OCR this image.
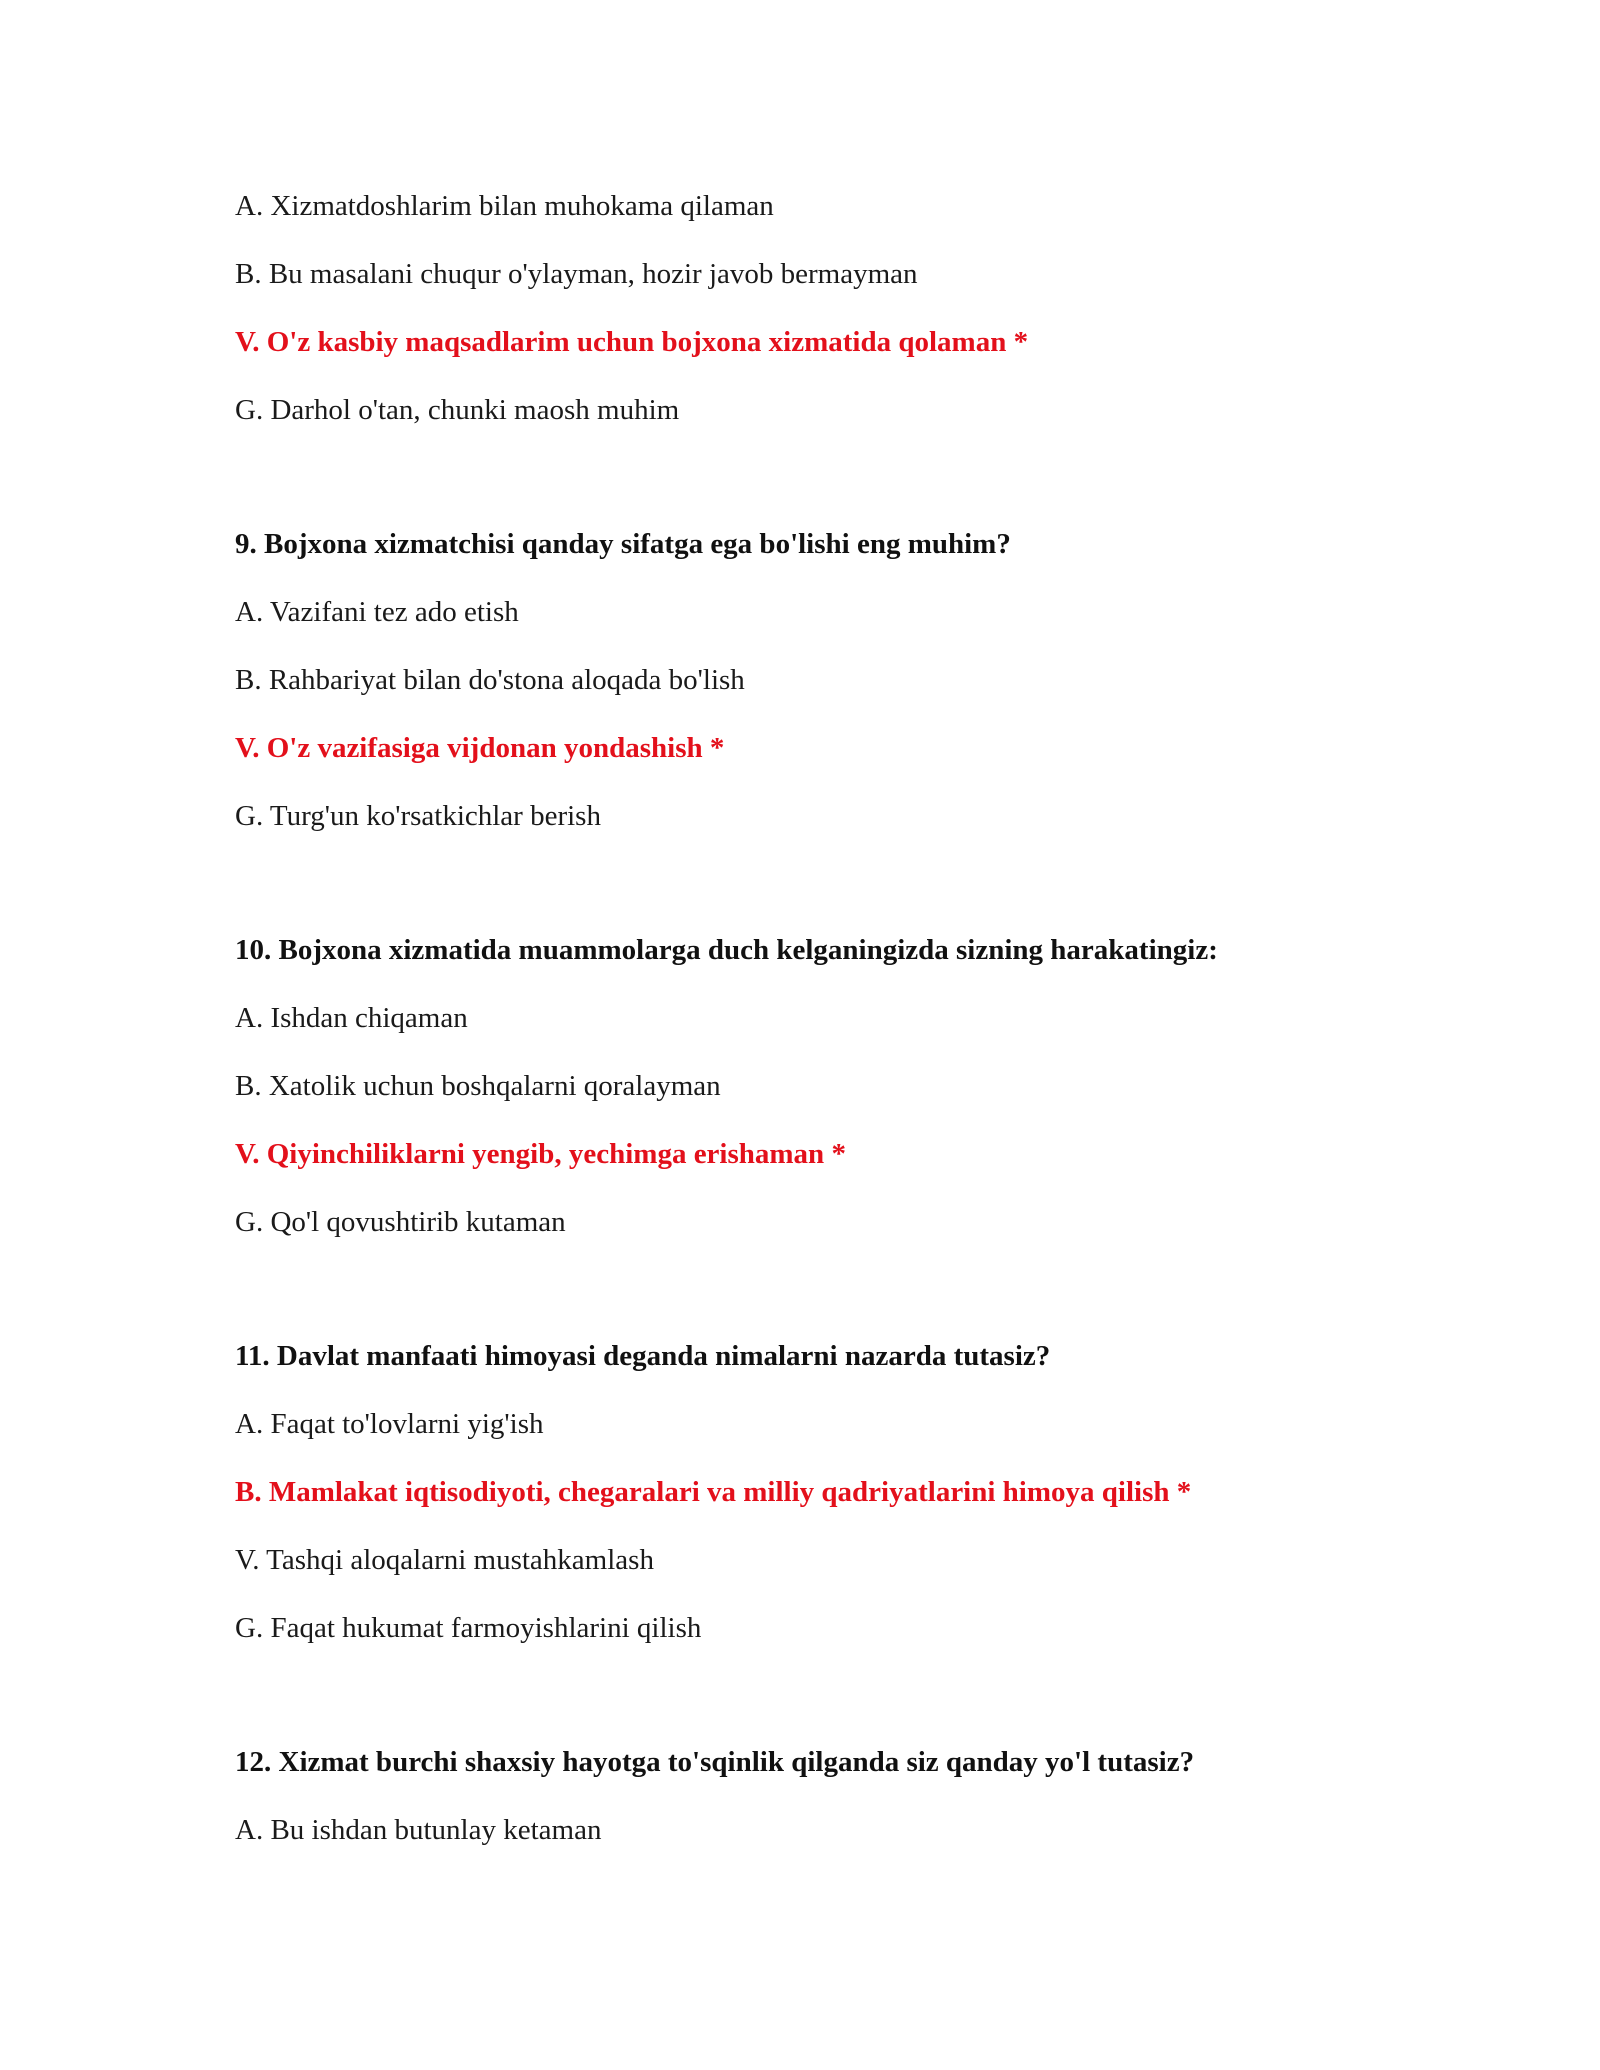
A. Xizmatdoshlarim bilan muhokama qilaman
B. Bu masalani chuqur o'ylayman, hozir javob bermayman
V. O'z kasbiy maqsadlarim uchun bojxona xizmatida qolaman *
G. Darhol o'tan, chunki maosh muhim
9. Bojxona xizmatchisi qanday sifatga ega bo'lishi eng muhim?
A. Vazifani tez ado etish
B. Rahbariyat bilan do'stona aloqada bo'lish
V. O'z vazifasiga vijdonan yondashish *
G. Turg'un ko'rsatkichlar berish
10. Bojxona xizmatida muammolarga duch kelganingizda sizning harakatingiz:
A. Ishdan chiqaman
B. Xatolik uchun boshqalarni qoralayman
V. Qiyinchiliklarni yengib, yechimga erishaman *
G. Qo'l qovushtirib kutaman
11. Davlat manfaati himoyasi deganda nimalarni nazarda tutasiz?
A. Faqat to'lovlarni yig'ish
B. Mamlakat iqtisodiyoti, chegaralari va milliy qadriyatlarini himoya qilish *
V. Tashqi aloqalarni mustahkamlash
G. Faqat hukumat farmoyishlarini qilish
12. Xizmat burchi shaxsiy hayotga to'sqinlik qilganda siz qanday yo'l tutasiz?
A. Bu ishdan butunlay ketaman
